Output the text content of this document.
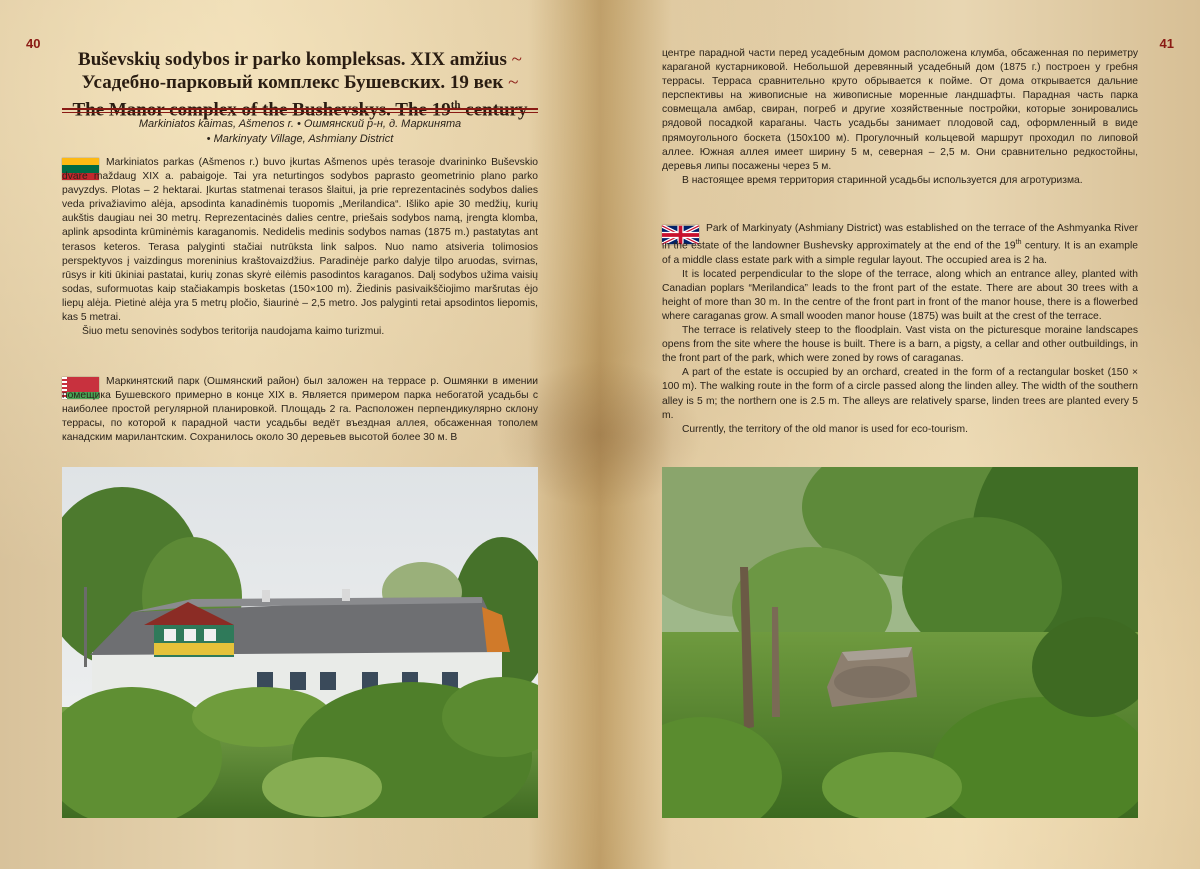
40	41
Buševskių sodybos ir parko kompleksas. XIX amžius ~
Усадебно-парковый комплекс Бушевских. 19 век ~
The Manor complex of the Bushevskys. The 19th century
Markiniatos kaimas, Ašmenos r. • Ошмянский р-н, д. Маркинята
• Markinyaty Village, Ashmiany District

Markiniatos parkas (Ašmenos r.) buvo įkurtas Ašmenos upės terasoje dvarininko Buševskio dvare maždaug XIX a. pabaigoje. Tai yra neturtingos sodybos paprasto geometrinio plano parko pavyzdys. Plotas – 2 hektarai. Įkurtas statmenai terasos šlaitui, ja prie reprezentacinės sodybos dalies veda privažiavimo alėja, apsodinta kanadinėmis tuopomis „Merilandica“. Išliko apie 30 medžių, kurių aukštis daugiau nei 30 metrų. Reprezentacinės dalies centre, priešais sodybos namą, įrengta klomba, aplink apsodinta krūminėmis karaganomis. Nedidelis medinis sodybos namas (1875 m.) pastatytas ant terasos keteros. Terasa palyginti stačiai nutrūksta link salpos. Nuo namo atsiveria tolimosios perspektyvos į vaizdingus moreninius kraštovaizdžius. Paradinėje parko dalyje tilpo aruodas, svirnas, rūsys ir kiti ūkiniai pastatai, kurių zonas skyrė eilėmis pasodintos karaganos. Dalį sodybos užima vaisių sodas, suformuotas kaip stačiakampis bosketas (150×100 m). Žiedinis pasivaikščiojimo maršrutas ėjo liepų alėja. Pietinė alėja yra 5 metrų pločio, šiaurinė – 2,5 metro. Jos palyginti retai apsodintos liepomis, kas 5 metrai.

Šiuo metu senovinės sodybos teritorija naudojama kaimo turizmui.

Маркинятский парк (Ошмянский район) был заложен на террасе р. Ошмянки в имении помещика Бушевского примерно в конце XIX в. Является примером парка небогатой усадьбы с наиболее простой регулярной планировкой. Площадь 2 га. Расположен перпендикулярно склону террасы, по которой к парадной части усадьбы ведёт въездная аллея, обсаженная тополем канадским марилантским. Сохранилось около 30 деревьев высотой более 30 м. В

центре парадной части перед усадебным домом расположена клумба, обсаженная по периметру караганой кустарниковой. Небольшой деревянный усадебный дом (1875 г.) построен у гребня террасы. Терраса сравнительно круто обрывается к пойме. От дома открывается дальние перспективы на живописные на живописные моренные ландшафты. Парадная часть парка совмещала амбар, свиран, погреб и другие хозяйственные постройки, которые зонировались рядовой посадкой караганы. Часть усадьбы занимает плодовой сад, оформленный в виде прямоугольного боскета (150х100 м). Прогулочный кольцевой маршрут проходил по липовой аллее. Южная аллея имеет ширину 5 м, северная – 2,5 м. Они сравнительно редкостойны, деревья липы посажены через 5 м.

В настоящее время территория старинной усадьбы используется для агротуризма.

Park of Markinyaty (Ashmiany District) was established on the terrace of the Ashmyanka River in the estate of the landowner Bushevsky approximately at the end of the 19th century. It is an example of a middle class estate park with a simple regular layout. The occupied area is 2 ha.

It is located perpendicular to the slope of the terrace, along which an entrance alley, planted with Canadian poplars “Merilandica” leads to the front part of the estate. There are about 30 trees with a height of more than 30 m. In the centre of the front part in front of the manor house, there is a flowerbed where caraganas grow. A small wooden manor house (1875) was built at the crest of the terrace.

The terrace is relatively steep to the floodplain. Vast vista on the picturesque moraine landscapes opens from the site where the house is built. There is a barn, a pigsty, a cellar and other outbuildings, in the front part of the park, which were zoned by rows of caraganas.

A part of the estate is occupied by an orchard, created in the form of a rectangular bosket (150 × 100 m). The walking route in the form of a circle passed along the linden alley. The width of the southern alley is 5 m; the northern one is 2.5 m. The alleys are relatively sparse, linden trees are planted every 5 m.

Currently, the territory of the old manor is used for eco-tourism.
